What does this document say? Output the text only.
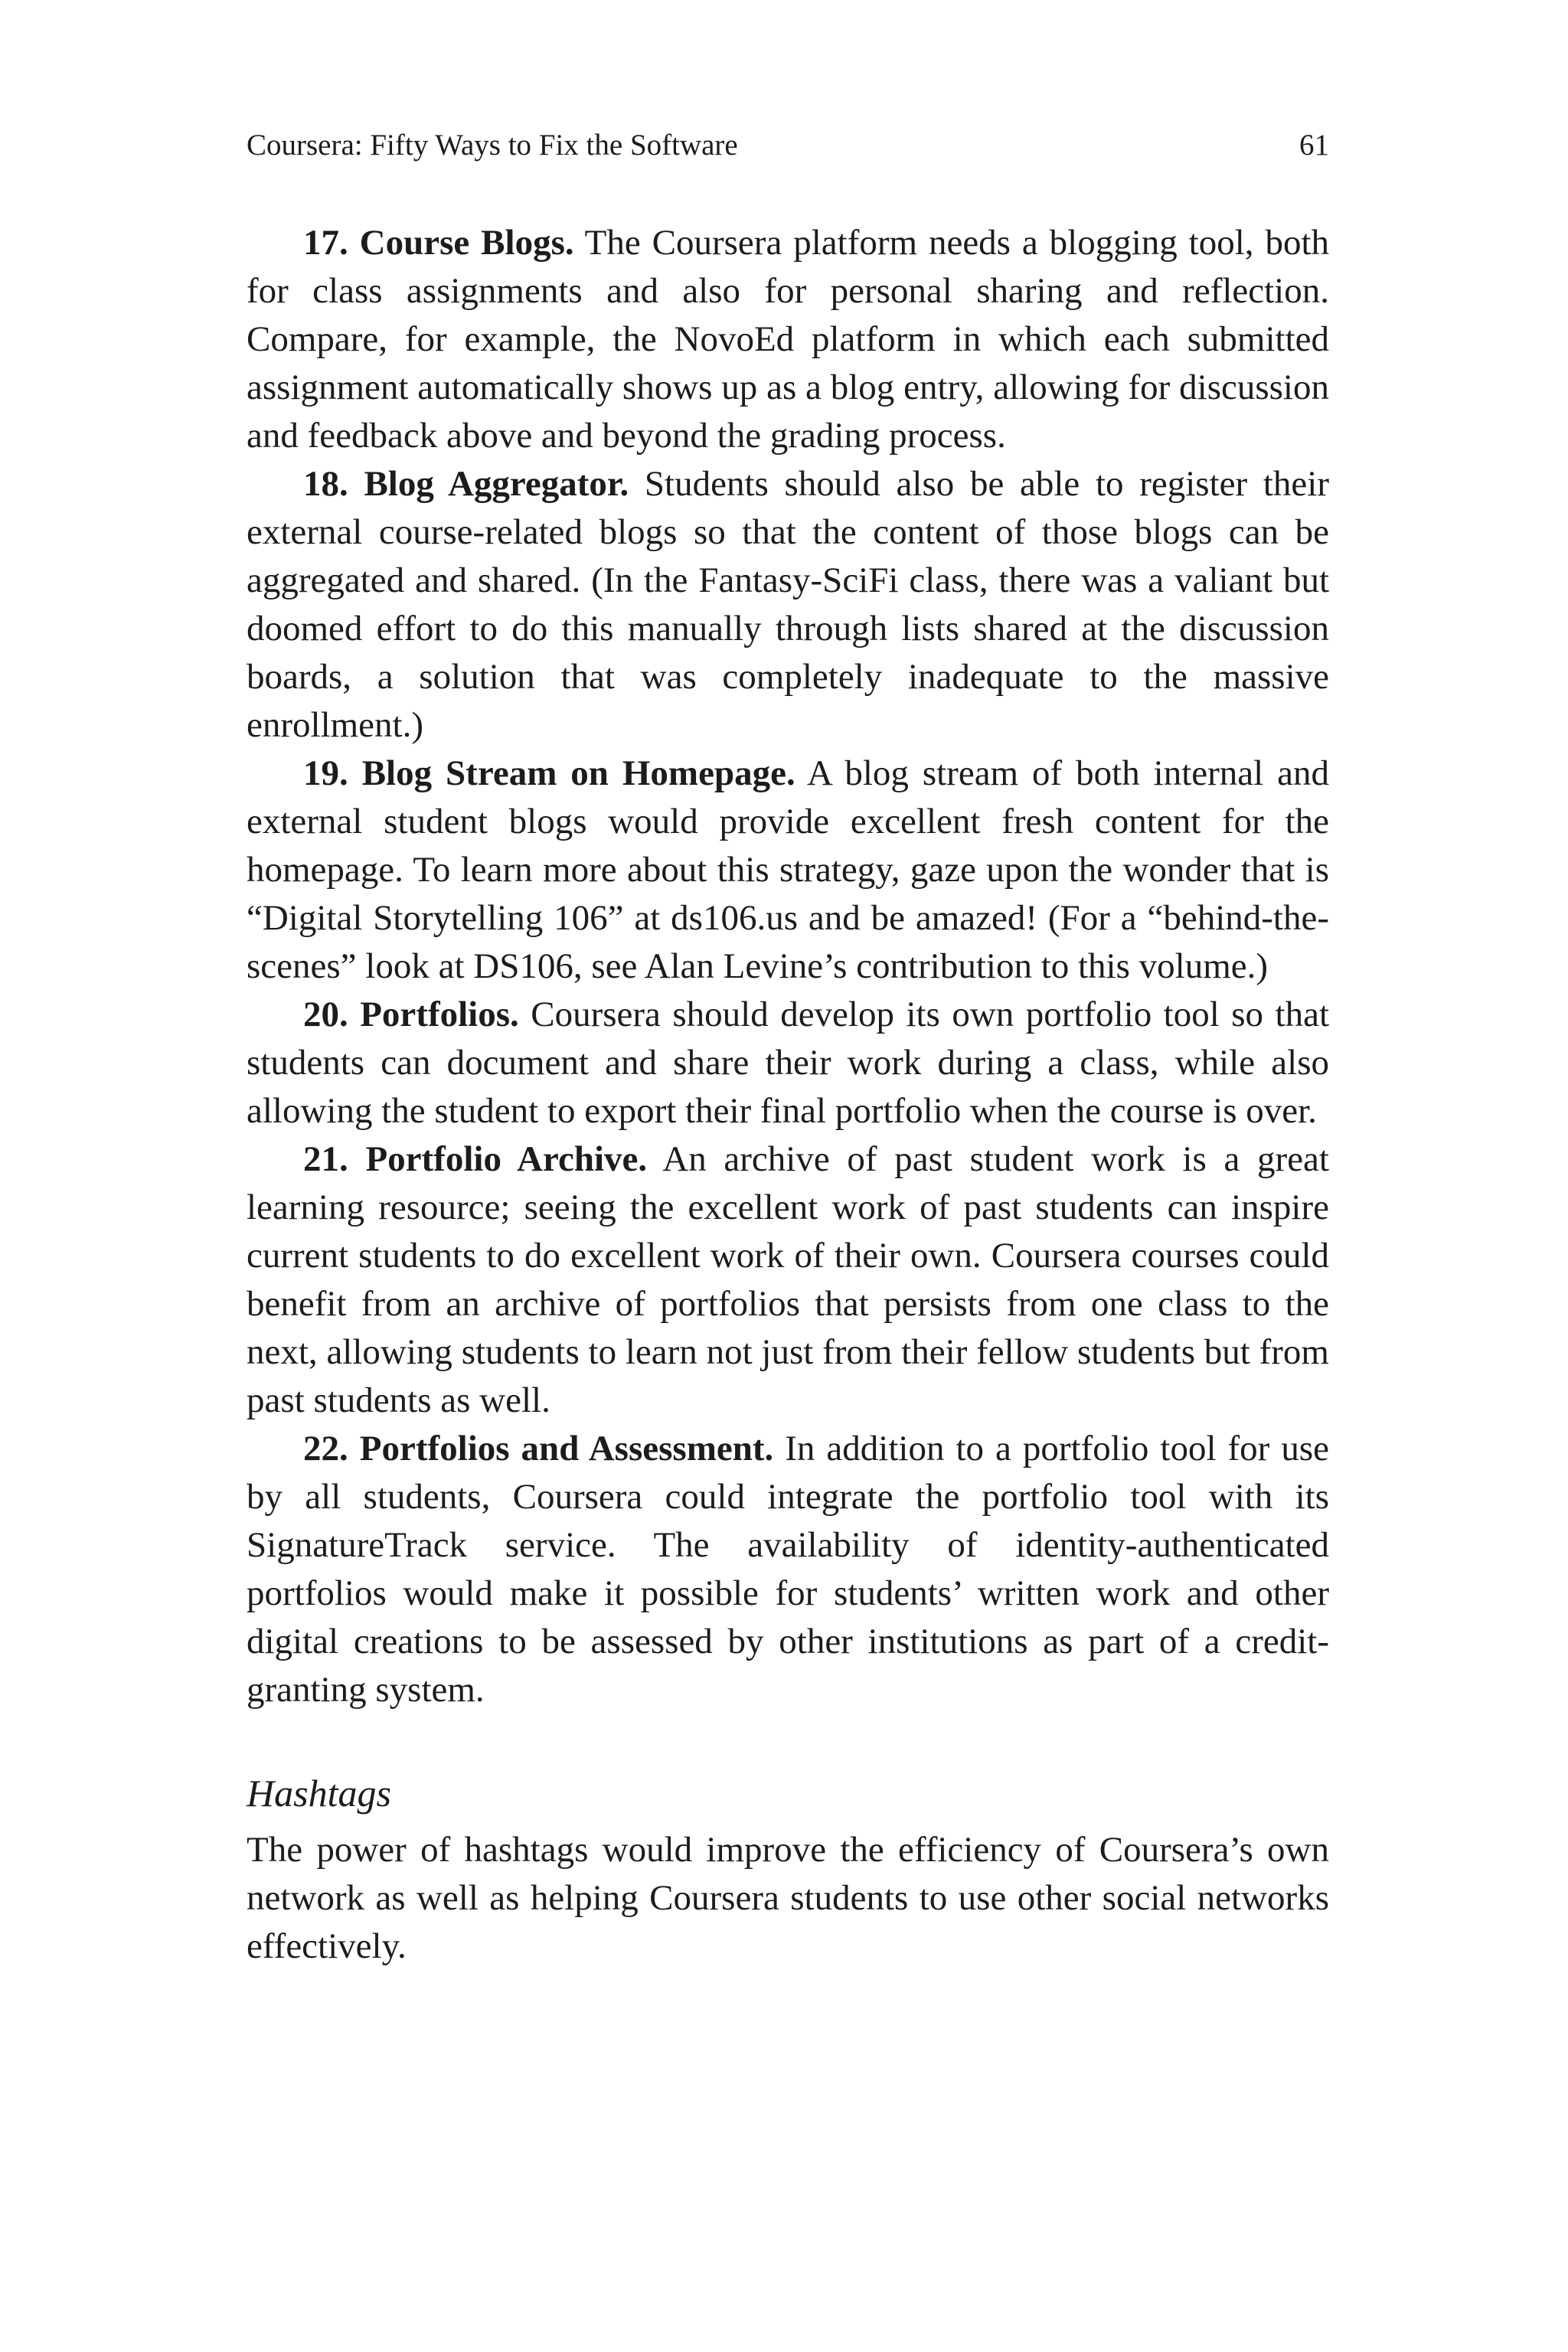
Coursera: Fifty Ways to Fix the Software	61

17. Course Blogs. The Coursera platform needs a blogging tool, both for class assignments and also for personal sharing and reflection. Compare, for example, the NovoEd platform in which each submitted assignment automatically shows up as a blog entry, allowing for discussion and feedback above and beyond the grading process.

18. Blog Aggregator. Students should also be able to register their external course-related blogs so that the content of those blogs can be aggregated and shared. (In the Fantasy-SciFi class, there was a valiant but doomed effort to do this manually through lists shared at the discussion boards, a solution that was completely inadequate to the massive enrollment.)

19. Blog Stream on Homepage. A blog stream of both internal and external student blogs would provide excellent fresh content for the homepage. To learn more about this strategy, gaze upon the wonder that is “Digital Storytelling 106” at ds106.us and be amazed! (For a “behind-the-scenes” look at DS106, see Alan Levine’s contribution to this volume.)

20. Portfolios. Coursera should develop its own portfolio tool so that students can document and share their work during a class, while also allowing the student to export their final portfolio when the course is over.

21. Portfolio Archive. An archive of past student work is a great learning resource; seeing the excellent work of past students can inspire current students to do excellent work of their own. Coursera courses could benefit from an archive of portfolios that persists from one class to the next, allowing students to learn not just from their fellow students but from past students as well.

22. Portfolios and Assessment. In addition to a portfolio tool for use by all students, Coursera could integrate the portfolio tool with its SignatureTrack service. The availability of identity-authenticated portfolios would make it possible for students’ written work and other digital creations to be assessed by other institutions as part of a credit-granting system.

Hashtags

The power of hashtags would improve the efficiency of Coursera’s own network as well as helping Coursera students to use other social networks effectively.
